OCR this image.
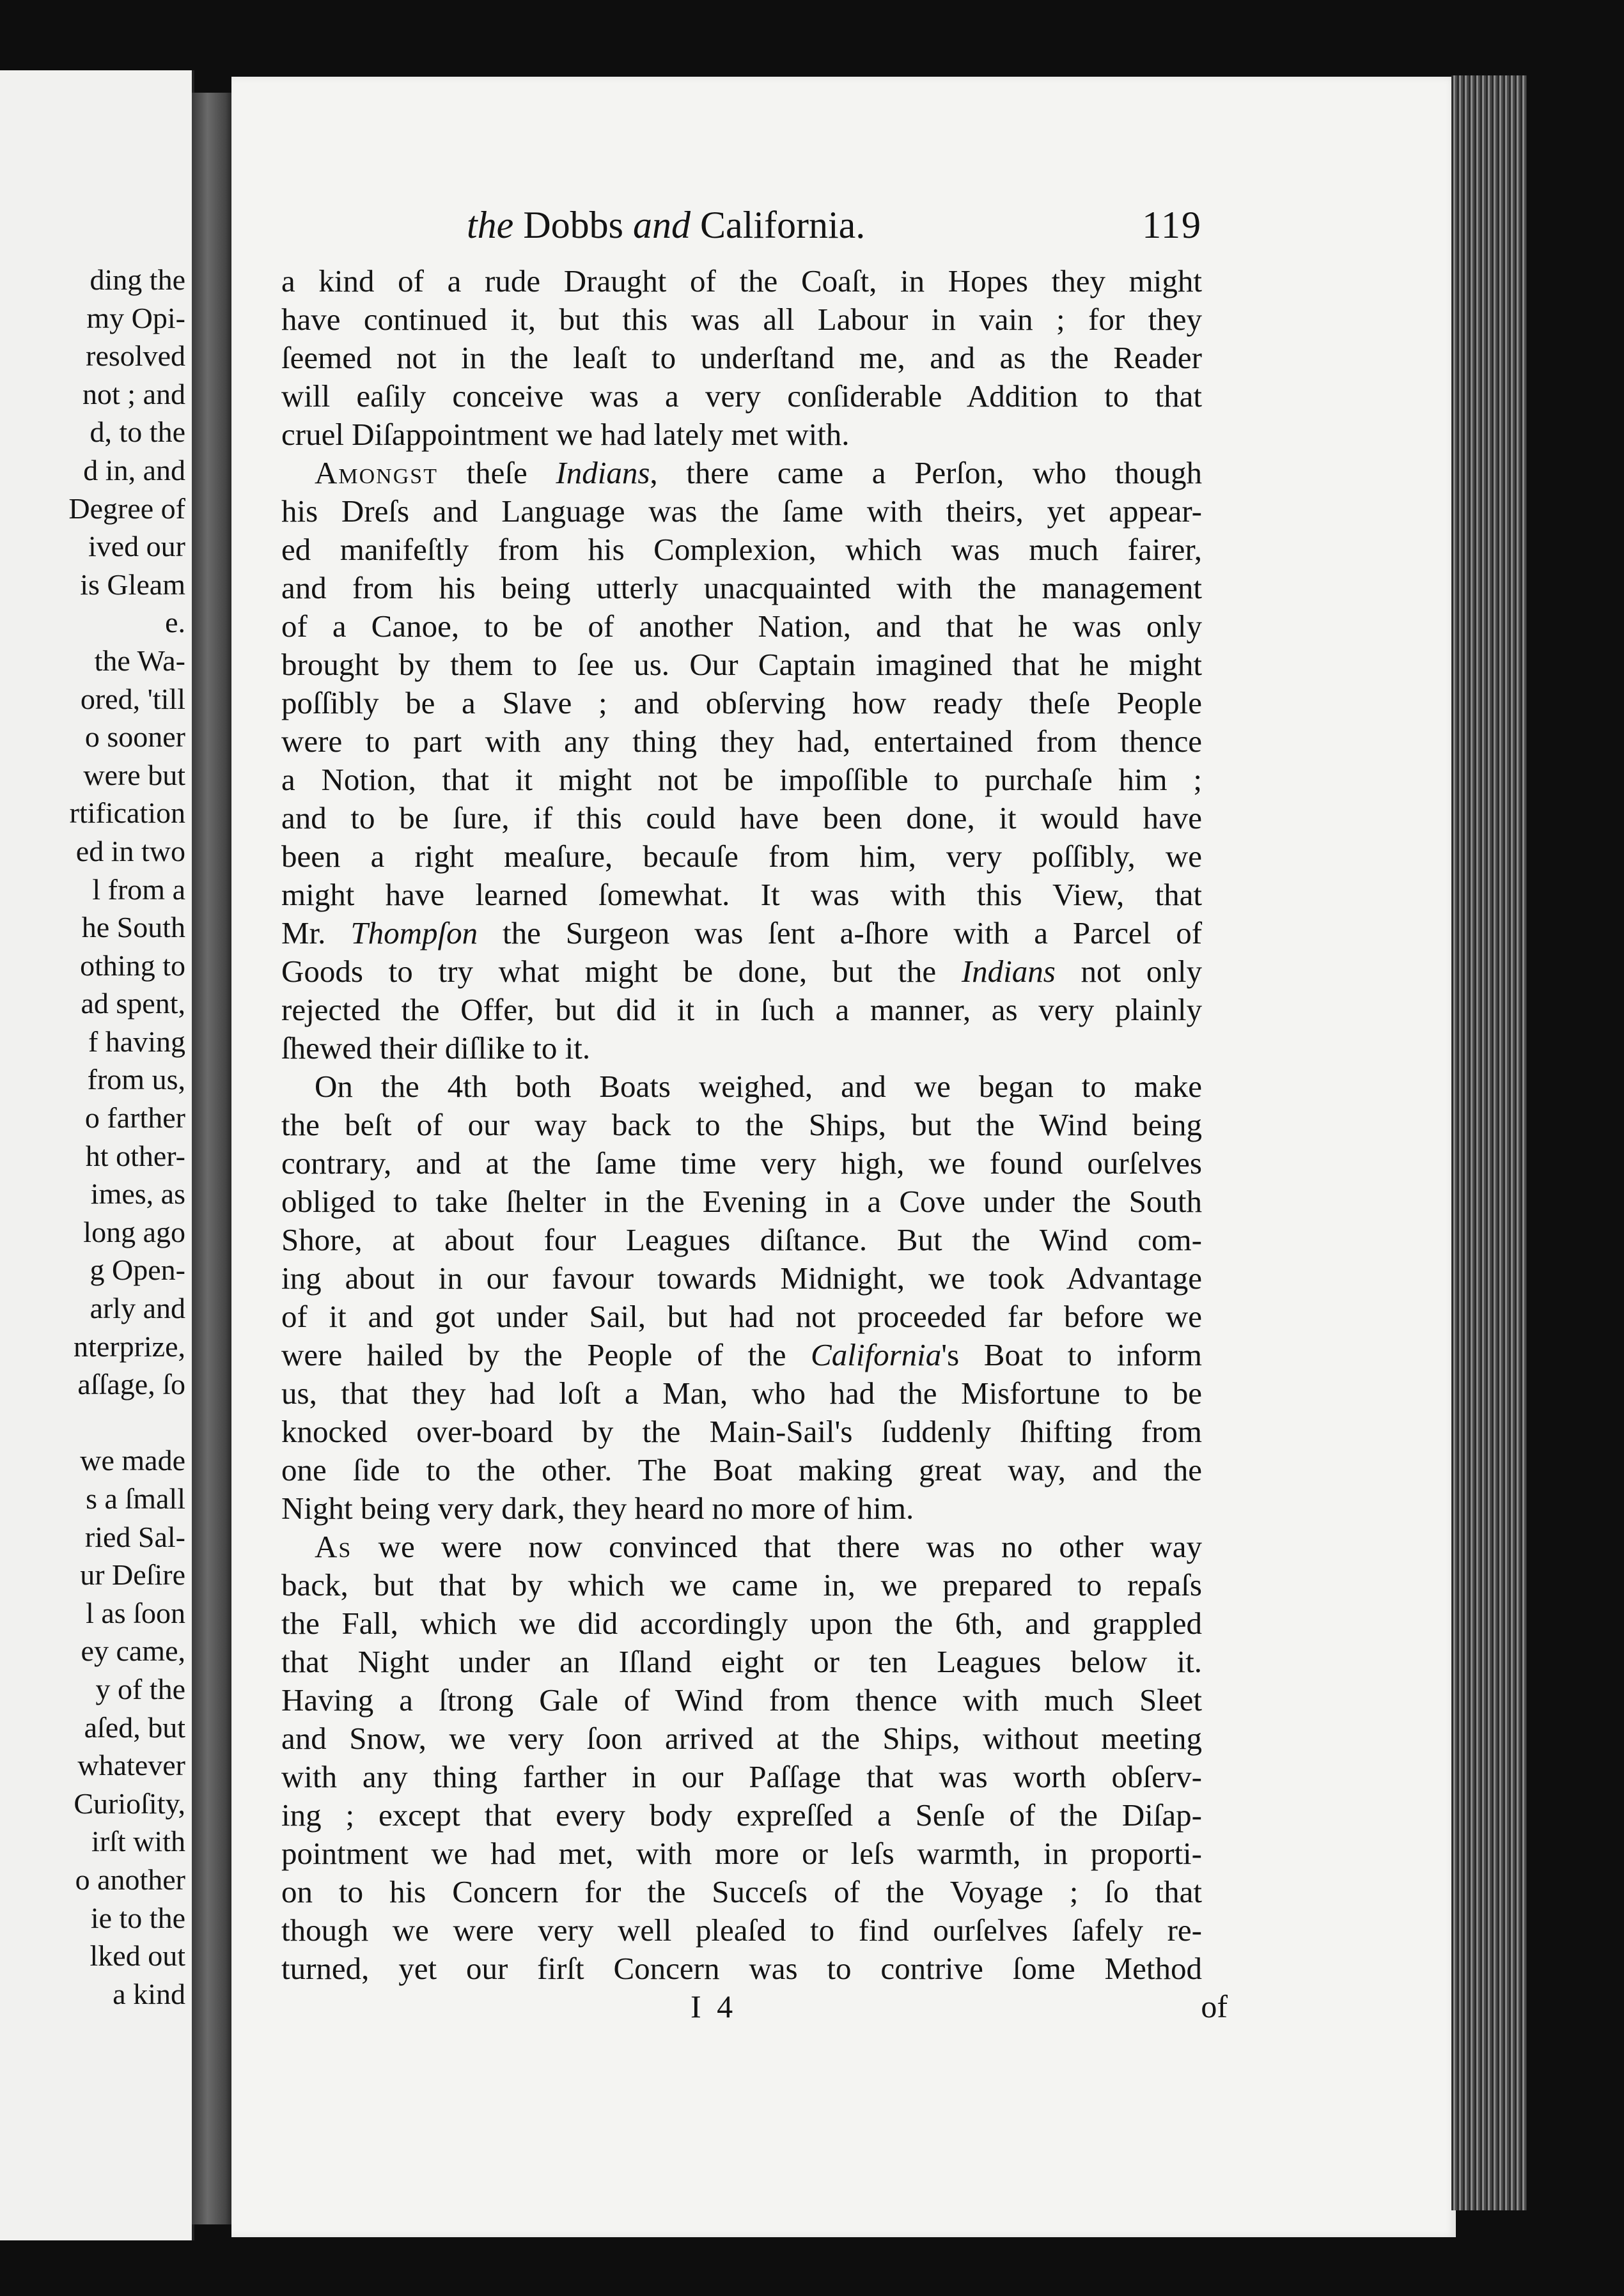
ding the
my Opi-
resolved
not ; and
d, to the
d in, and
Degree of
ived our
is Gleam
e.
the Wa-
ored, 'till
o sooner
were but
rtification
ed in two
l from a
he South
othing to
ad spent,
f having
from us,
o farther
ht other-
imes, as
long ago
g Open-
arly and
nterprize,
aſſage, ſo

we made
s a ſmall
ried Sal-
ur Deſire
l as ſoon
ey came,
y of the
aſed, but
whatever
Curioſity,
irſt with
o another
ie to the
lked out
a kind
the Dobbs and California.	119
a kind of a rude Draught of the Coaſt, in Hopes they might
have continued it, but this was all Labour in vain ; for they
ſeemed not in the leaſt to underſtand me, and as the Reader
will eaſily conceive was a very conſiderable Addition to that
cruel Diſappointment we had lately met with.
Amongst theſe Indians, there came a Perſon, who though
his Dreſs and Language was the ſame with theirs, yet appear-
ed manifeſtly from his Complexion, which was much fairer,
and from his being utterly unacquainted with the management
of a Canoe, to be of another Nation, and that he was only
brought by them to ſee us. Our Captain imagined that he might
poſſibly be a Slave ; and obſerving how ready theſe People
were to part with any thing they had, entertained from thence
a Notion, that it might not be impoſſible to purchaſe him ;
and to be ſure, if this could have been done, it would have
been a right meaſure, becauſe from him, very poſſibly, we
might have learned ſomewhat. It was with this View, that
Mr. Thompſon the Surgeon was ſent a-ſhore with a Parcel of
Goods to try what might be done, but the Indians not only
rejected the Offer, but did it in ſuch a manner, as very plainly
ſhewed their diſlike to it.
On the 4th both Boats weighed, and we began to make
the beſt of our way back to the Ships, but the Wind being
contrary, and at the ſame time very high, we found ourſelves
obliged to take ſhelter in the Evening in a Cove under the South
Shore, at about four Leagues diſtance. But the Wind com-
ing about in our favour towards Midnight, we took Advantage
of it and got under Sail, but had not proceeded far before we
were hailed by the People of the California's Boat to inform
us, that they had loſt a Man, who had the Misfortune to be
knocked over-board by the Main-Sail's ſuddenly ſhifting from
one ſide to the other. The Boat making great way, and the
Night being very dark, they heard no more of him.
As we were now convinced that there was no other way
back, but that by which we came in, we prepared to repaſs
the Fall, which we did accordingly upon the 6th, and grappled
that Night under an Iſland eight or ten Leagues below it.
Having a ſtrong Gale of Wind from thence with much Sleet
and Snow, we very ſoon arrived at the Ships, without meeting
with any thing farther in our Paſſage that was worth obſerv-
ing ; except that every body expreſſed a Senſe of the Diſap-
pointment we had met, with more or leſs warmth, in proporti-
on to his Concern for the Succeſs of the Voyage ; ſo that
though we were very well pleaſed to find ourſelves ſafely re-
turned, yet our firſt Concern was to contrive ſome Method
I 4	of
